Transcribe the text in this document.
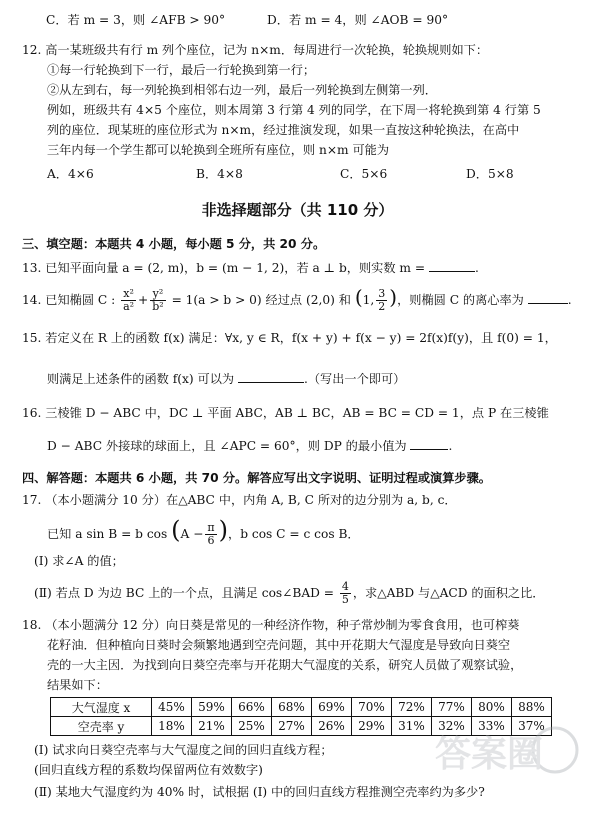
C．若 m = 3，则 ∠AFB > 90°	D．若 m = 4，则 ∠AOB = 90°
12. 高一某班级共有行 m 列个座位，记为 n×m．每周进行一次轮换，轮换规则如下：
①每一行轮换到下一行，最后一行轮换到第一行；
②从左到右，每一列轮换到相邻右边一列，最后一列轮换到左侧第一列．
例如，班级共有 4×5 个座位，则本周第 3 行第 4 列的同学，在下周一将轮换到第 4 行第 5
列的座位．现某班的座位形式为 n×m，经过推演发现，如果一直按这种轮换法，在高中
三年内每一个学生都可以轮换到全班所有座位，则 n×m 可能为
A．4×6	B．4×8	C．5×6	D．5×8
非选择题部分（共 110 分）
三、填空题：本题共 4 小题，每小题 5 分，共 20 分。
13. 已知平面向量 a = (2, m)，b = (m − 1, 2)，若 a ⊥ b，则实数 m =	.
14. 已知椭圆 C : $\frac{\text{x²}}{\text{a²}} + \frac{\text{y²}}{\text{b²}} = 1(a > b > 0)$ 经过点 (2,0) 和 (1, $\frac{3}{2}$ )，则椭圆 C 的离心率为	.
15. 若定义在 R 上的函数 f(x) 满足：∀x, y ∈ R，f(x + y) + f(x − y) = 2f(x)f(y)，且 f(0) = 1，
则满足上述条件的函数 f(x) 可以为	.（写出一个即可）
16. 三棱锥 D − ABC 中，DC ⊥ 平面 ABC，AB ⊥ BC，AB = BC = CD = 1，点 P 在三棱锥
D − ABC 外接球的球面上，且 ∠APC = 60°，则 DP 的最小值为	.
四、解答题：本题共 6 小题，共 70 分。解答应写出文字说明、证明过程或演算步骤。
17. （本小题满分 10 分）在△ABC 中，内角 A, B, C 所对的边分别为 a, b, c．
已知 a sin B = b $\cos (A - \frac{\pi}{6}$ )，b cos C = c cos B．
(Ⅰ) 求∠A 的值；
(Ⅱ) 若点 D 为边 BC 上的一个点，且满足 cos∠BAD = $\frac{4}{5}$ ，求△ABD 与△ACD 的面积之比．
18. （本小题满分 12 分）向日葵是常见的一种经济作物，种子常炒制为零食食用，也可榨葵
花籽油．但种植向日葵时会频繁地遇到空壳问题，其中开花期大气湿度是导致向日葵空
壳的一大主因．为找到向日葵空壳率与开花期大气湿度的关系，研究人员做了观察试验，
结果如下：
大气湿度 x	45%	59%	66%	68%	69%	70%	72%	77%	80%	88%
空壳率 y	18%	21%	25%	27%	26%	29%	31%	32%	33%	37%
(Ⅰ) 试求向日葵空壳率与大气湿度之间的回归直线方程；
(回归直线方程的系数均保留两位有效数字)
(Ⅱ) 某地大气湿度约为 40% 时，试根据 (Ⅰ) 中的回归直线方程推测空壳率约为多少?
答案圈
